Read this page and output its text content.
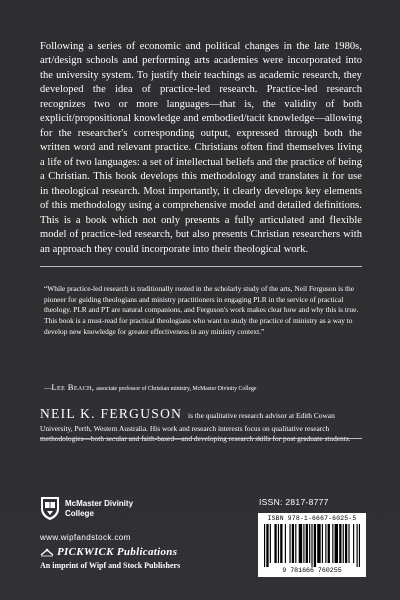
Following a series of economic and political changes in the late 1980s, art/design schools and performing arts academies were incorporated into the university system. To justify their teachings as academic research, they developed the idea of practice-led research. Practice-led research recognizes two or more languages—that is, the validity of both explicit/propositional knowledge and embodied/tacit knowledge—allowing for the researcher's corresponding output, expressed through both the written word and relevant practice. Christians often find themselves living a life of two languages: a set of intellectual beliefs and the practice of being a Christian. This book develops this methodology and translates it for use in theological research. Most importantly, it clearly develops key elements of this methodology using a comprehensive model and detailed definitions. This is a book which not only presents a fully articulated and flexible model of practice-led research, but also presents Christian researchers with an approach they could incorporate into their theological work.

“While practice-led research is traditionally rooted in the scholarly study of the arts, Neil Ferguson is the pioneer for guiding theologians and ministry practitioners in engaging PLR in the service of practical theology. PLR and PT are natural companions, and Ferguson's work makes clear how and why this is true. This book is a must-read for practical theologians who want to study the practice of ministry as a way to develop new knowledge for greater effectiveness in any ministry context.”

—Lee Beach, associate professor of Christian ministry, McMaster Divinity College

NEIL K. FERGUSON is the qualitative research advisor at Edith Cowan University, Perth, Western Australia. His work and research interests focus on qualitative research methodologies—both secular and faith-based—and developing research skills for post graduate students.

McMaster Divinity
College
www.wipfandstock.com
PICKWICK Publications
An imprint of Wipf and Stock Publishers
ISSN: 2817-8777
ISBN 978-1-6667-6025-5
9 781666 760255
